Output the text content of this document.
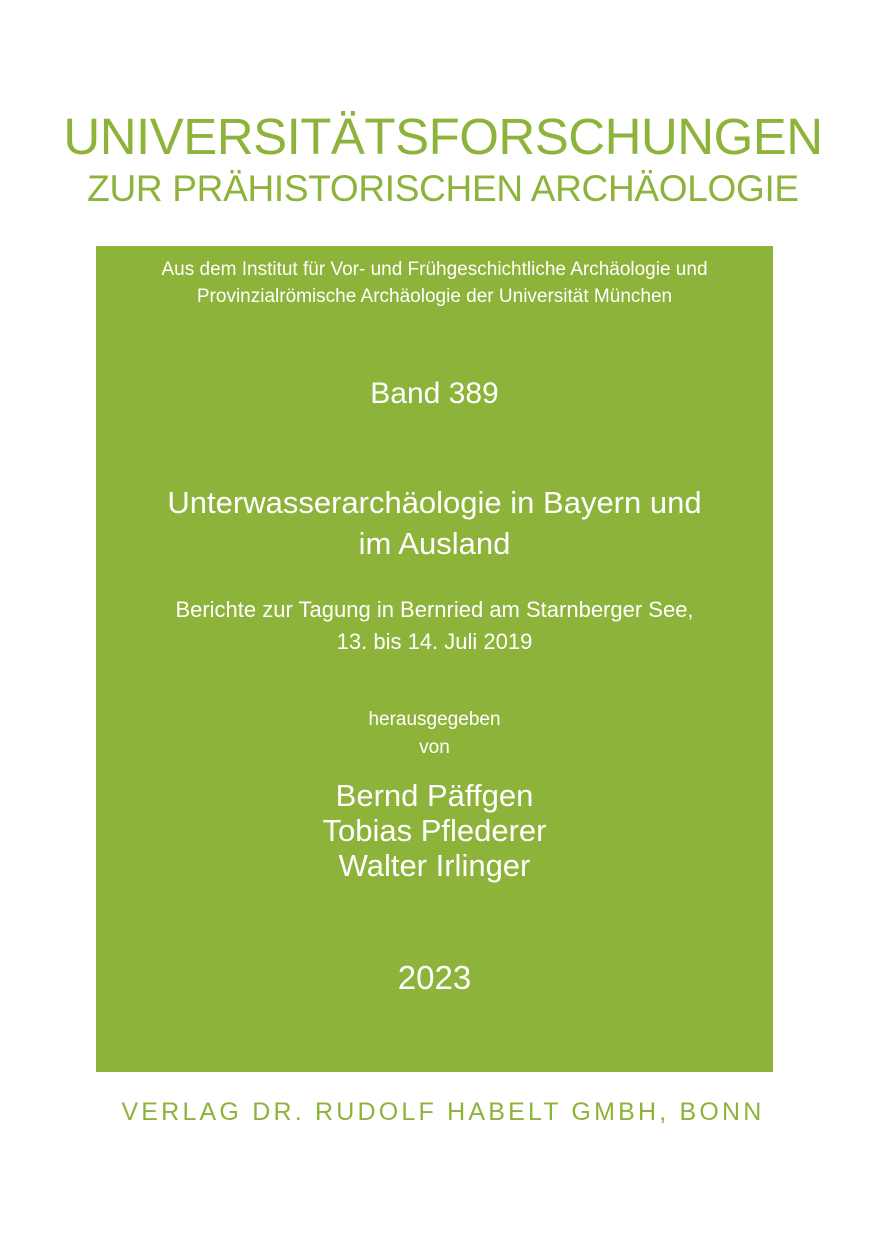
UNIVERSITÄTSFORSCHUNGEN
ZUR PRÄHISTORISCHEN ARCHÄOLOGIE
Aus dem Institut für Vor- und Frühgeschichtliche Archäologie und
Provinzialrömische Archäologie der Universität München
Band 389
Unterwasserarchäologie in Bayern und
im Ausland
Berichte zur Tagung in Bernried am Starnberger See,
13. bis 14. Juli 2019
herausgegeben
von
Bernd Päffgen
Tobias Pflederer
Walter Irlinger
2023
VERLAG DR. RUDOLF HABELT GMBH, BONN
